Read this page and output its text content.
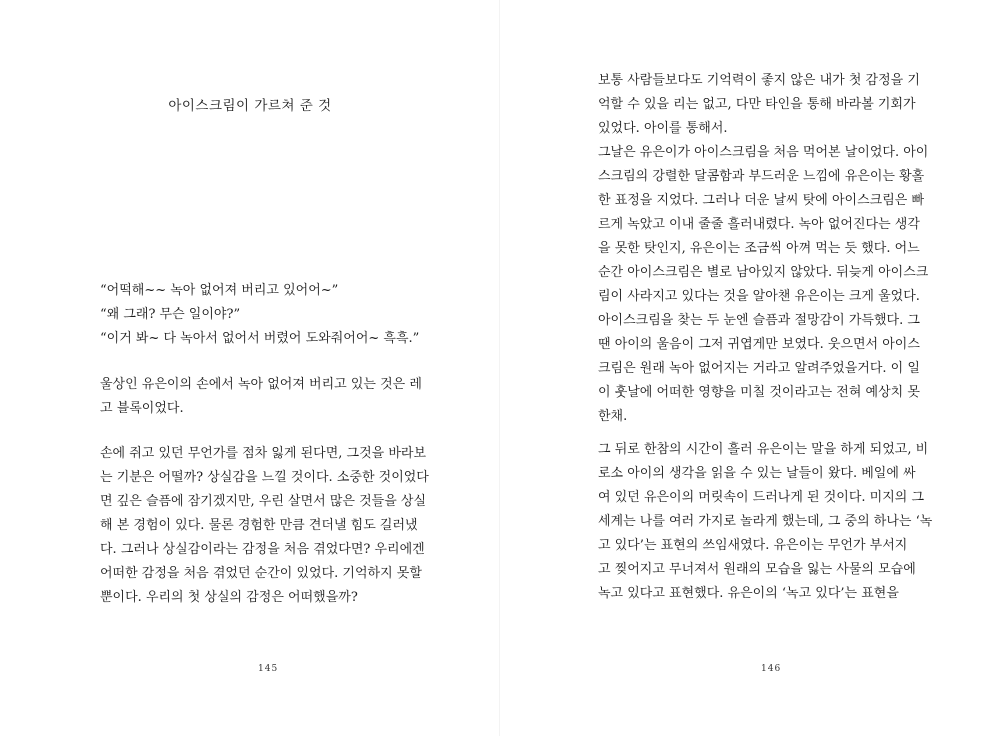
아이스크림이 가르쳐 준 것
“어떡해~~ 녹아 없어져 버리고 있어어~”
“왜 그래? 무슨 일이야?”
“이거 봐~ 다 녹아서 없어서 버렸어 도와줘어어~ 흑흑.”
울상인 유은이의 손에서 녹아 없어져 버리고 있는 것은 레
고 블록이었다.
손에 쥐고 있던 무언가를 점차 잃게 된다면, 그것을 바라보
는 기분은 어떨까? 상실감을 느낄 것이다. 소중한 것이었다
면 깊은 슬픔에 잠기겠지만, 우린 살면서 많은 것들을 상실
해 본 경험이 있다. 물론 경험한 만큼 견더낼 힘도 길러냈
다. 그러나 상실감이라는 감정을 처음 겪었다면? 우리에겐
어떠한 감정을 처음 겪었던 순간이 있었다. 기억하지 못할
뿐이다. 우리의 첫 상실의 감정은 어떠했을까?
145	146
보통 사람들보다도 기억력이 좋지 않은 내가 첫 감정을 기
억할 수 있을 리는 없고, 다만 타인을 통해 바라볼 기회가
있었다. 아이를 통해서.
그날은 유은이가 아이스크림을 처음 먹어본 날이었다. 아이
스크림의 강렬한 달콤함과 부드러운 느낌에 유은이는 황홀
한 표정을 지었다. 그러나 더운 날씨 탓에 아이스크림은 빠
르게 녹았고 이내 줄줄 흘러내렸다. 녹아 없어진다는 생각
을 못한 탓인지, 유은이는 조금씩 아껴 먹는 듯 했다. 어느
순간 아이스크림은 별로 남아있지 않았다. 뒤늦게 아이스크
림이 사라지고 있다는 것을 알아챈 유은이는 크게 울었다.
아이스크림을 찾는 두 눈엔 슬픔과 절망감이 가득했다. 그
땐 아이의 울음이 그저 귀엽게만 보였다. 웃으면서 아이스
크림은 원래 녹아 없어지는 거라고 알려주었을거다. 이 일
이 훗날에 어떠한 영향을 미칠 것이라고는 전혀 예상치 못
한채.
그 뒤로 한참의 시간이 흘러 유은이는 말을 하게 되었고, 비
로소 아이의 생각을 읽을 수 있는 날들이 왔다. 베일에 싸
여 있던 유은이의 머릿속이 드러나게 된 것이다. 미지의 그
세계는 나를 여러 가지로 놀라게 했는데, 그 중의 하나는 ‘녹
고 있다’는 표현의 쓰임새였다. 유은이는 무언가 부서지
고 찢어지고 무너져서 원래의 모습을 잃는 사물의 모습에
녹고 있다고 표현했다. 유은이의 ‘녹고 있다’는 표현을
